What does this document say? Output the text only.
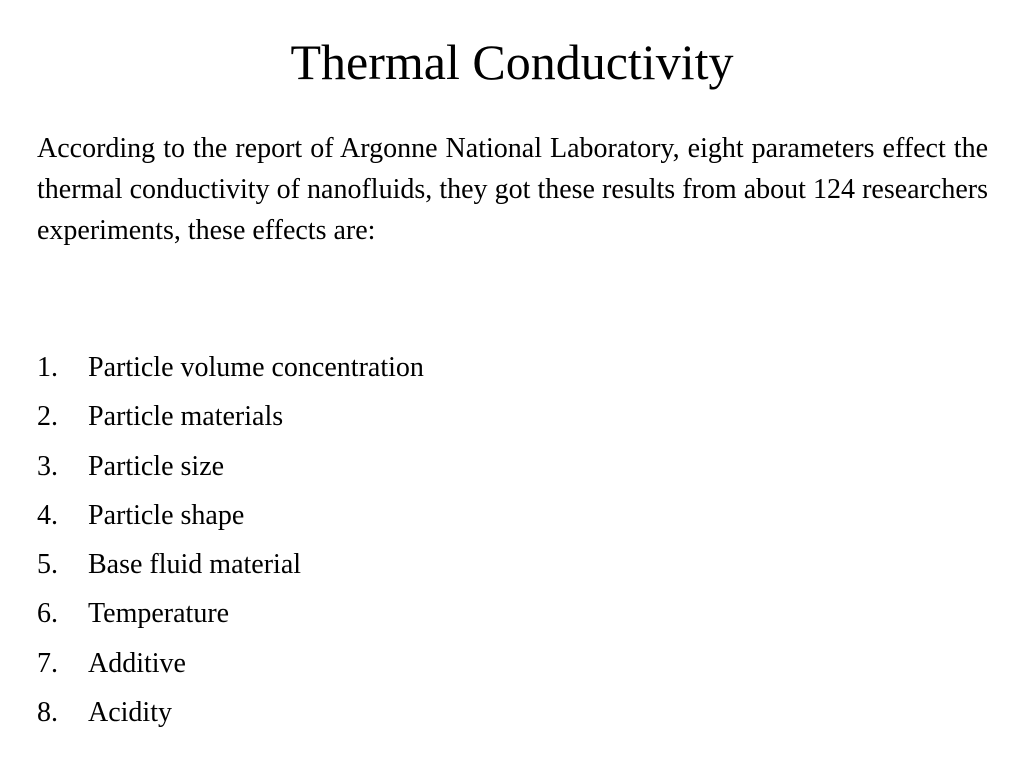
Thermal Conductivity

According to the report of Argonne National Laboratory, eight parameters effect the thermal conductivity of nanofluids, they got these results from about 124 researchers experiments, these effects are:

1. Particle volume concentration
2. Particle materials
3. Particle size
4. Particle shape
5. Base fluid material
6. Temperature
7. Additive
8. Acidity
